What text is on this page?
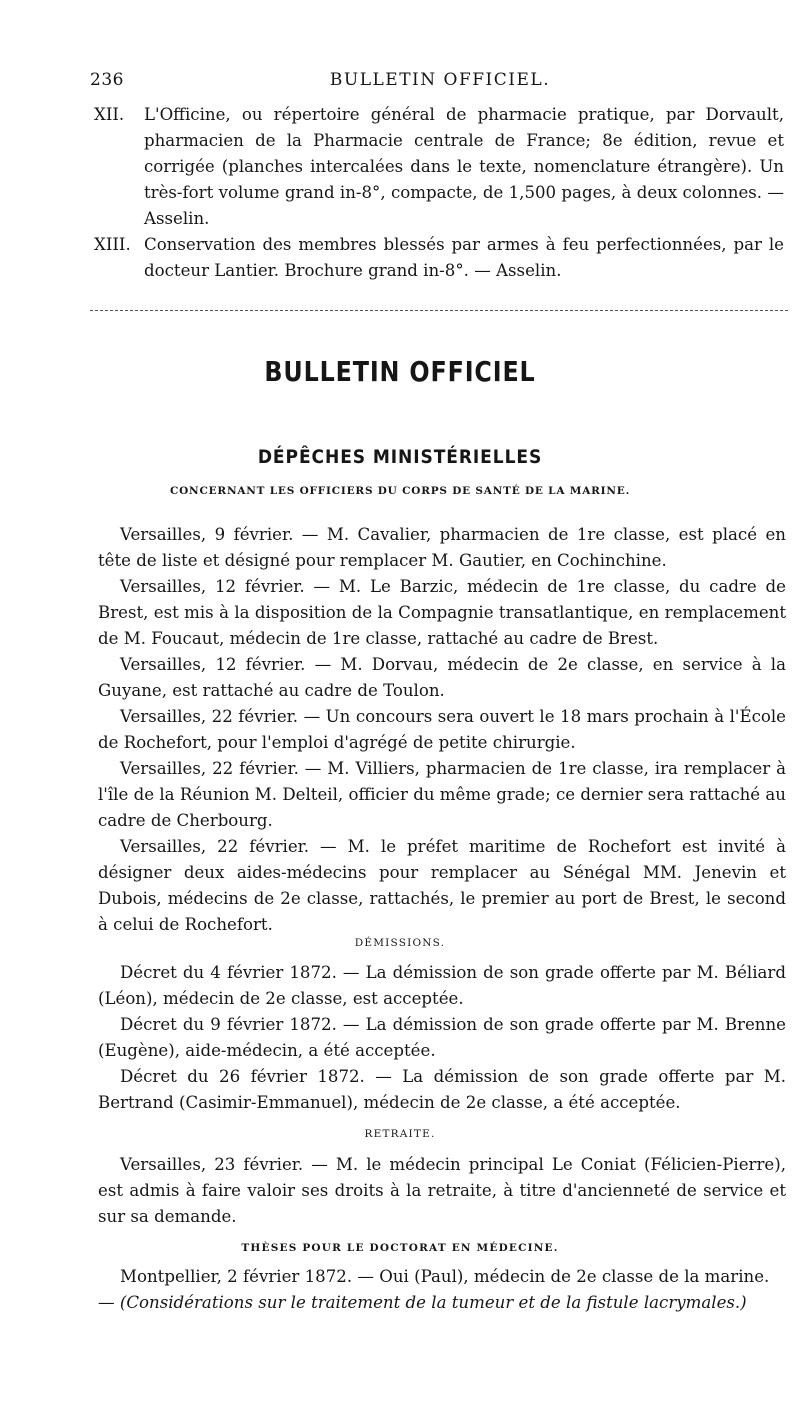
236	BULLETIN OFFICIEL.
XII. L'Officine, ou répertoire général de pharmacie pratique, par Dorvault, pharmacien de la Pharmacie centrale de France; 8e édition, revue et corrigée (planches intercalées dans le texte, nomenclature étrangère). Un très-fort volume grand in-8°, compacte, de 1,500 pages, à deux colonnes. — Asselin.
XIII. Conservation des membres blessés par armes à feu perfectionnées, par le docteur Lantier. Brochure grand in-8°. — Asselin.
BULLETIN OFFICIEL
DÉPÊCHES MINISTÉRIELLES
CONCERNANT LES OFFICIERS DU CORPS DE SANTÉ DE LA MARINE.
Versailles, 9 février. — M. Cavalier, pharmacien de 1re classe, est placé en tête de liste et désigné pour remplacer M. Gautier, en Cochinchine.
Versailles, 12 février. — M. Le Barzic, médecin de 1re classe, du cadre de Brest, est mis à la disposition de la Compagnie transatlantique, en remplacement de M. Foucaut, médecin de 1re classe, rattaché au cadre de Brest.
Versailles, 12 février. — M. Dorvau, médecin de 2e classe, en service à la Guyane, est rattaché au cadre de Toulon.
Versailles, 22 février. — Un concours sera ouvert le 18 mars prochain à l'École de Rochefort, pour l'emploi d'agrégé de petite chirurgie.
Versailles, 22 février. — M. Villiers, pharmacien de 1re classe, ira remplacer à l'île de la Réunion M. Delteil, officier du même grade; ce dernier sera rattaché au cadre de Cherbourg.
Versailles, 22 février. — M. le préfet maritime de Rochefort est invité à désigner deux aides-médecins pour remplacer au Sénégal MM. Jenevin et Dubois, médecins de 2e classe, rattachés, le premier au port de Brest, le second à celui de Rochefort.
DÉMISSIONS.
Décret du 4 février 1872. — La démission de son grade offerte par M. Béliard (Léon), médecin de 2e classe, est acceptée.
Décret du 9 février 1872. — La démission de son grade offerte par M. Brenne (Eugène), aide-médecin, a été acceptée.
Décret du 26 février 1872. — La démission de son grade offerte par M. Bertrand (Casimir-Emmanuel), médecin de 2e classe, a été acceptée.
RETRAITE.
Versailles, 23 février. — M. le médecin principal Le Coniat (Félicien-Pierre), est admis à faire valoir ses droits à la retraite, à titre d'ancienneté de service et sur sa demande.
THÈSES POUR LE DOCTORAT EN MÉDECINE.
Montpellier, 2 février 1872. — Oui (Paul), médecin de 2e classe de la marine.
— (Considérations sur le traitement de la tumeur et de la fistule lacrymales.)
